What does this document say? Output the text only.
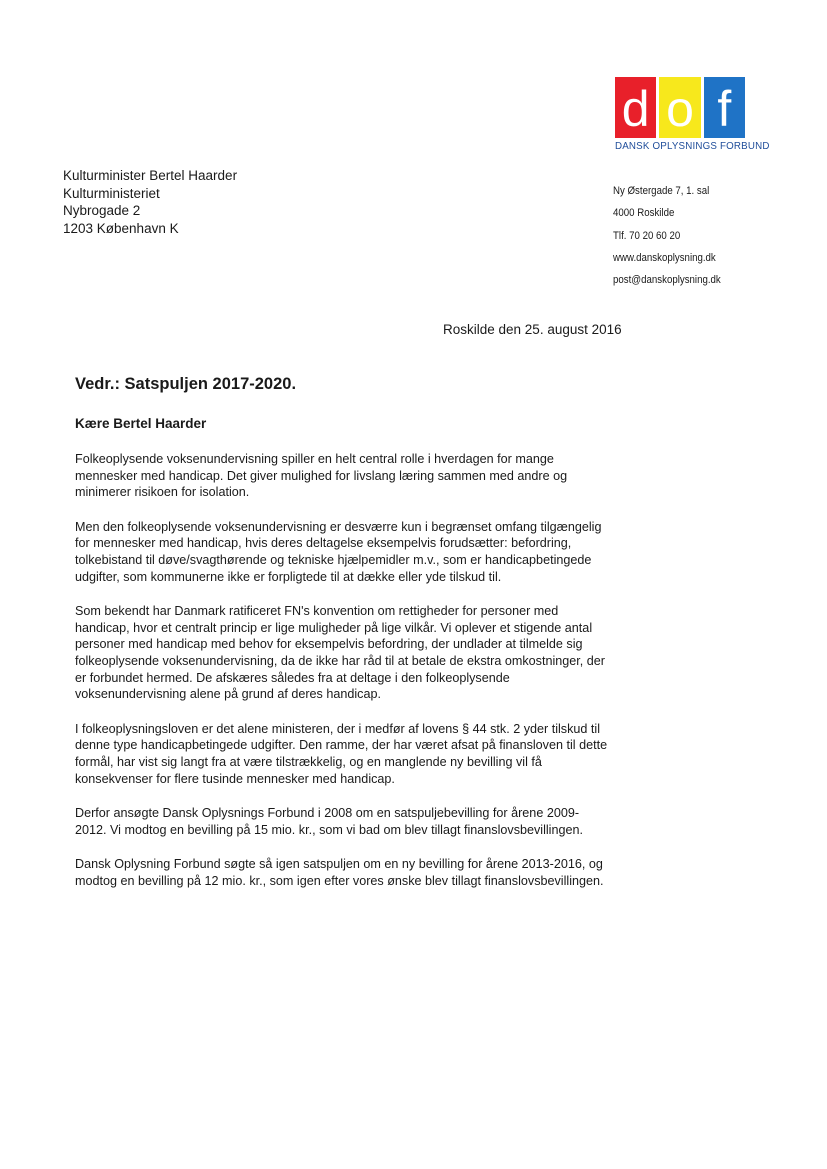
d o f
DANSK OPLYSNINGS FORBUND
Kulturminister Bertel Haarder
Kulturministeriet
Nybrogade 2
1203 København K
Ny Østergade 7, 1. sal
4000 Roskilde
Tlf. 70 20 60 20
www.danskoplysning.dk
post@danskoplysning.dk
Roskilde den 25. august 2016
Vedr.: Satspuljen 2017-2020.
Kære Bertel Haarder

Folkeoplysende voksenundervisning spiller en helt central rolle i hverdagen for mange
mennesker med handicap. Det giver mulighed for livslang læring sammen med andre og
minimerer risikoen for isolation.

Men den folkeoplysende voksenundervisning er desværre kun i begrænset omfang tilgængelig
for mennesker med handicap, hvis deres deltagelse eksempelvis forudsætter: befordring,
tolkebistand til døve/svagthørende og tekniske hjælpemidler m.v., som er handicapbetingede
udgifter, som kommunerne ikke er forpligtede til at dække eller yde tilskud til.

Som bekendt har Danmark ratificeret FN's konvention om rettigheder for personer med
handicap, hvor et centralt princip er lige muligheder på lige vilkår. Vi oplever et stigende antal
personer med handicap med behov for eksempelvis befordring, der undlader at tilmelde sig
folkeoplysende voksenundervisning, da de ikke har råd til at betale de ekstra omkostninger, der
er forbundet hermed. De afskæres således fra at deltage i den folkeoplysende
voksenundervisning alene på grund af deres handicap.

I folkeoplysningsloven er det alene ministeren, der i medfør af lovens § 44 stk. 2 yder tilskud til
denne type handicapbetingede udgifter. Den ramme, der har været afsat på finansloven til dette
formål, har vist sig langt fra at være tilstrækkelig, og en manglende ny bevilling vil få
konsekvenser for flere tusinde mennesker med handicap.

Derfor ansøgte Dansk Oplysnings Forbund i 2008 om en satspuljebevilling for årene 2009-
2012. Vi modtog en bevilling på 15 mio. kr., som vi bad om blev tillagt finanslovsbevillingen.

Dansk Oplysning Forbund søgte så igen satspuljen om en ny bevilling for årene 2013-2016, og
modtog en bevilling på 12 mio. kr., som igen efter vores ønske blev tillagt finanslovsbevillingen.
